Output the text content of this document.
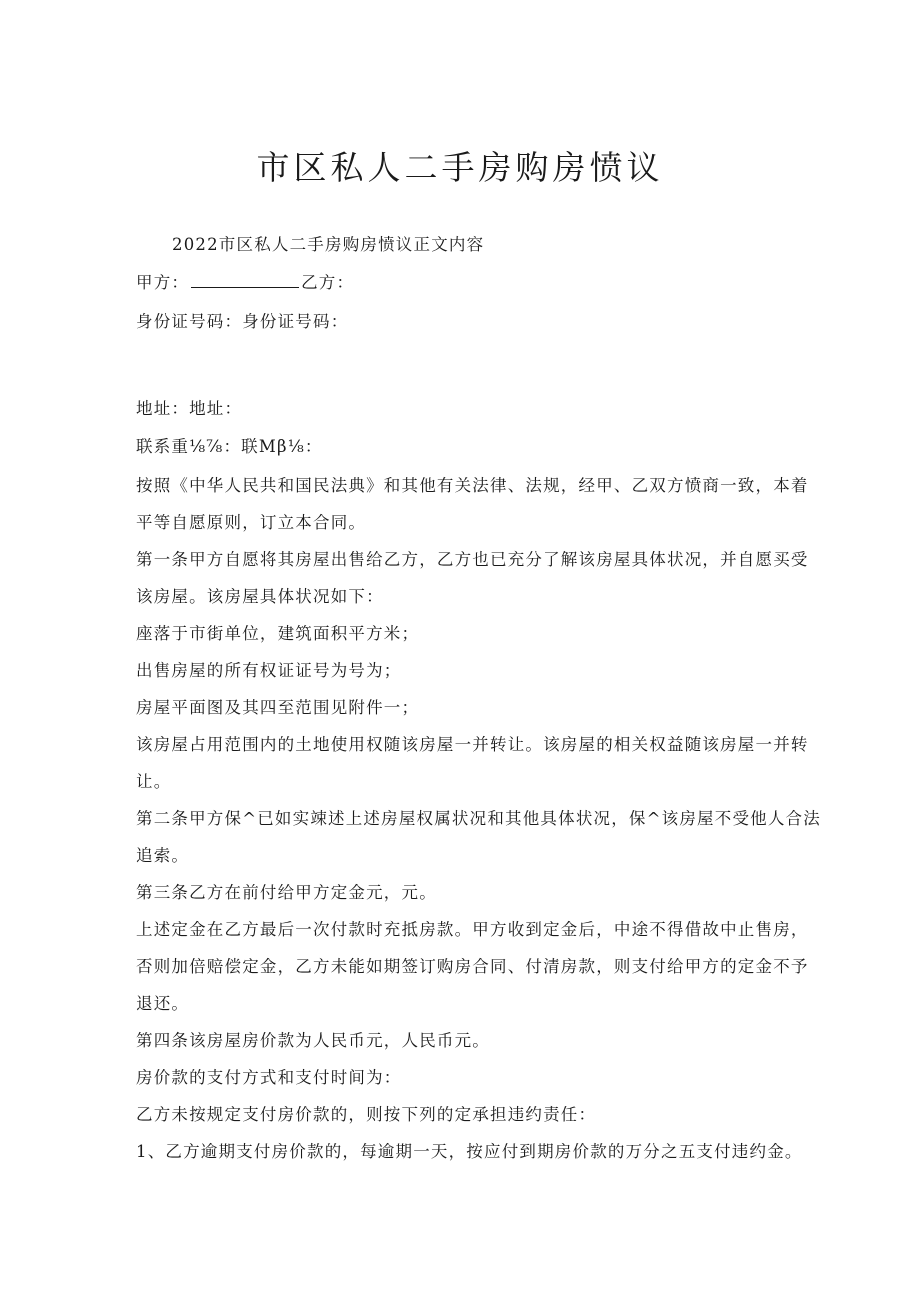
市区私人二手房购房愤议

2022市区私人二手房购房愤议正文内容

甲方：	乙方：

身份证号码：身份证号码：

地址：地址：

联系重⅛⅞：联Mβ⅛：

按照《中华人民共和国民法典》和其他有关法律、法规，经甲、乙双方愤商一致，本着

平等自愿原则，订立本合同。

第一条甲方自愿将其房屋出售给乙方，乙方也已充分了解该房屋具体状况，并自愿买受

该房屋。该房屋具体状况如下：

座落于市街单位，建筑面积平方米；

出售房屋的所有权证证号为号为；

房屋平面图及其四至范围见附件一；

该房屋占用范围内的土地使用权随该房屋一并转让。该房屋的相关权益随该房屋一并转

让。

第二条甲方保^已如实竦述上述房屋权属状况和其他具体状况，保^该房屋不受他人合法

追索。

第三条乙方在前付给甲方定金元，元。

上述定金在乙方最后一次付款时充抵房款。甲方收到定金后，中途不得借故中止售房，

否则加倍赔偿定金，乙方未能如期签订购房合同、付清房款，则支付给甲方的定金不予

退还。

第四条该房屋房价款为人民币元，人民币元。

房价款的支付方式和支付时间为：

乙方未按规定支付房价款的，则按下列的定承担违约责任：

1、乙方逾期支付房价款的，每逾期一天，按应付到期房价款的万分之五支付违约金。
